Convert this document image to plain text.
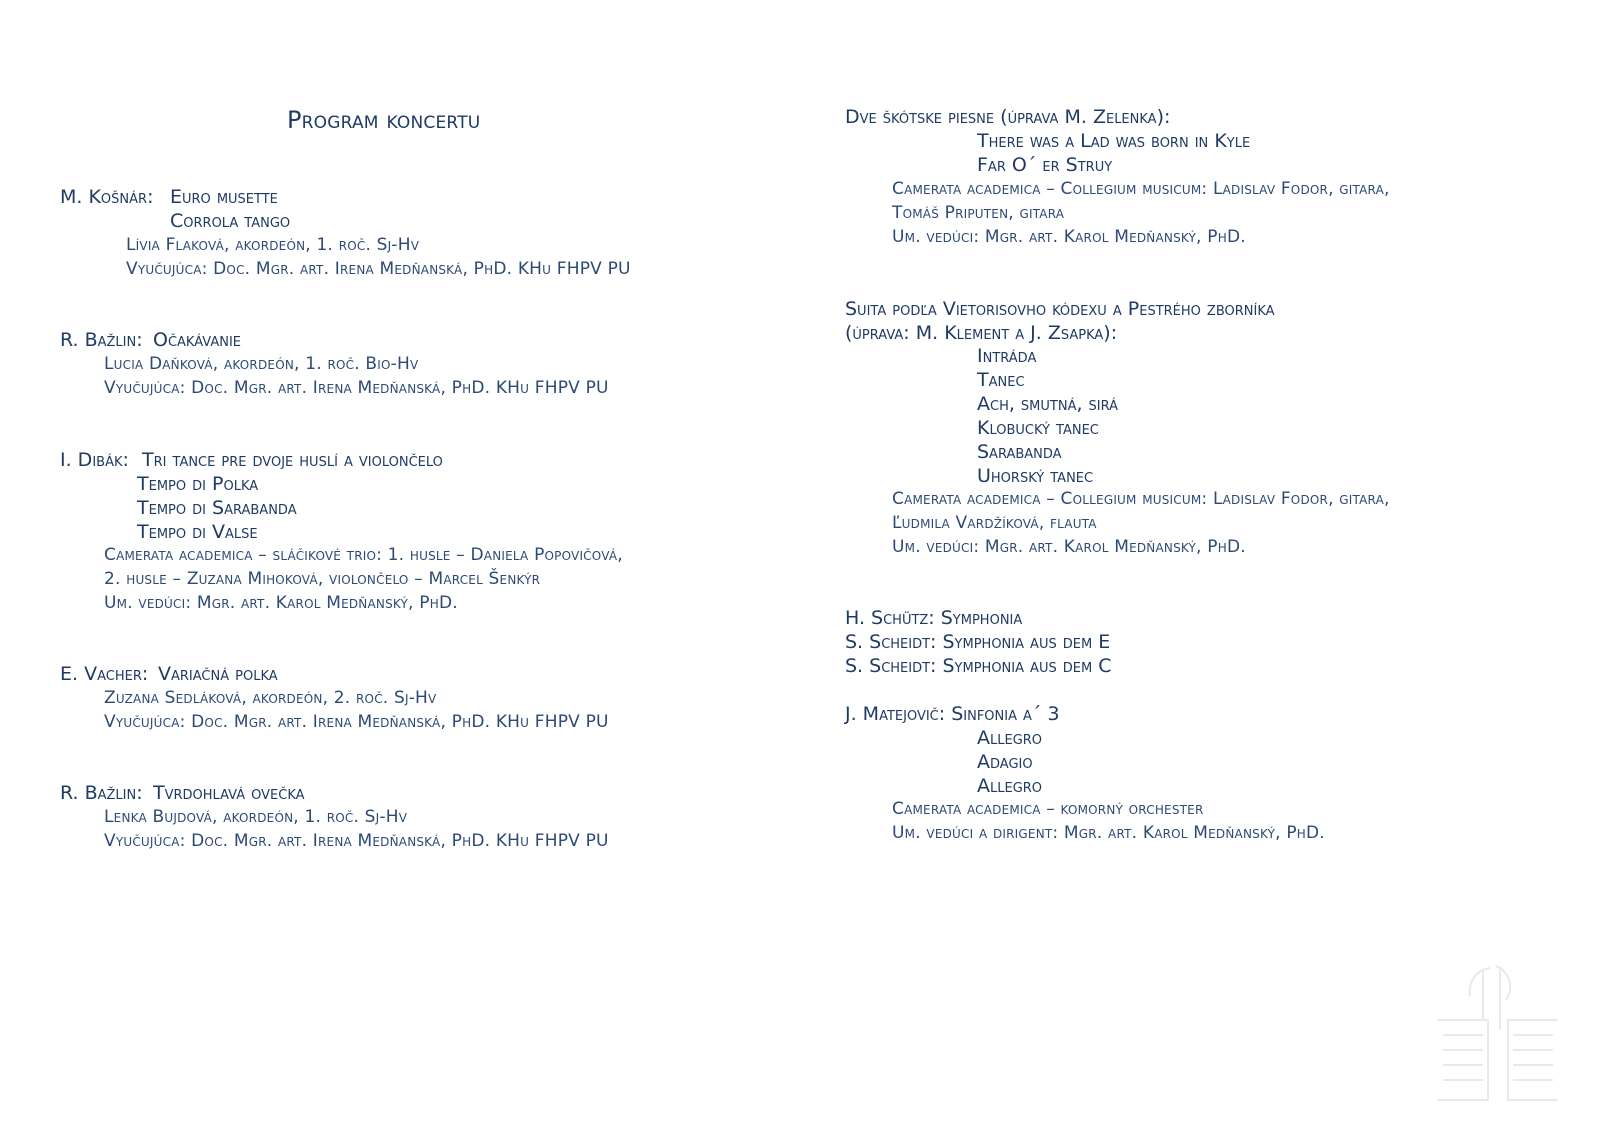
Program koncertu
M. Košnár: Euro musette
Corrola tango
Lívia Flaková, akordeón, 1. roč. Sj-Hv
Vyučujúca: Doc. Mgr. art. Irena Medňanská, PhD. KHu FHPV PU
R. Bažlin: Očakávanie
Lucia Daňková, akordeón, 1. roč. Bio-Hv
Vyučujúca: Doc. Mgr. art. Irena Medňanská, PhD. KHu FHPV PU
I. Dibák: Tri tance pre dvoje huslí a violončelo
Tempo di Polka
Tempo di Sarabanda
Tempo di Valse
Camerata academica – sláčikové trio: 1. husle – Daniela Popovičová,
2. husle – Zuzana Mihoková, violončelo – Marcel Šenkýr
Um. vedúci: Mgr. art. Karol Medňanský, PhD.
E. Vacher: Variačná polka
Zuzana Sedláková, akordeón, 2. roč. Sj-Hv
Vyučujúca: Doc. Mgr. art. Irena Medňanská, PhD. KHu FHPV PU
R. Bažlin: Tvrdohlavá ovečka
Lenka Bujdová, akordeón, 1. roč. Sj-Hv
Vyučujúca: Doc. Mgr. art. Irena Medňanská, PhD. KHu FHPV PU
Dve škótske piesne (úprava M. Zelenka):
There was a Lad was born in Kyle
Far O´ er Struy
Camerata academica – Collegium musicum: Ladislav Fodor, gitara,
Tomáš Priputen, gitara
Um. vedúci: Mgr. art. Karol Medňanský, PhD.
Suita podľa Vietorisovho kódexu a Pestrého zborníka
(úprava: M. Klement a J. Zsapka):
Intráda
Tanec
Ach, smutná, sirá
Klobucký tanec
Sarabanda
Uhorský tanec
Camerata academica – Collegium musicum: Ladislav Fodor, gitara,
Ľudmila Vardžíková, flauta
Um. vedúci: Mgr. art. Karol Medňanský, PhD.
H. Schütz: Symphonia
S. Scheidt: Symphonia aus dem E
S. Scheidt: Symphonia aus dem C
J. Matejovič: Sinfonia a´ 3
Allegro
Adagio
Allegro
Camerata academica – komorný orchester
Um. vedúci a dirigent: Mgr. art. Karol Medňanský, PhD.
